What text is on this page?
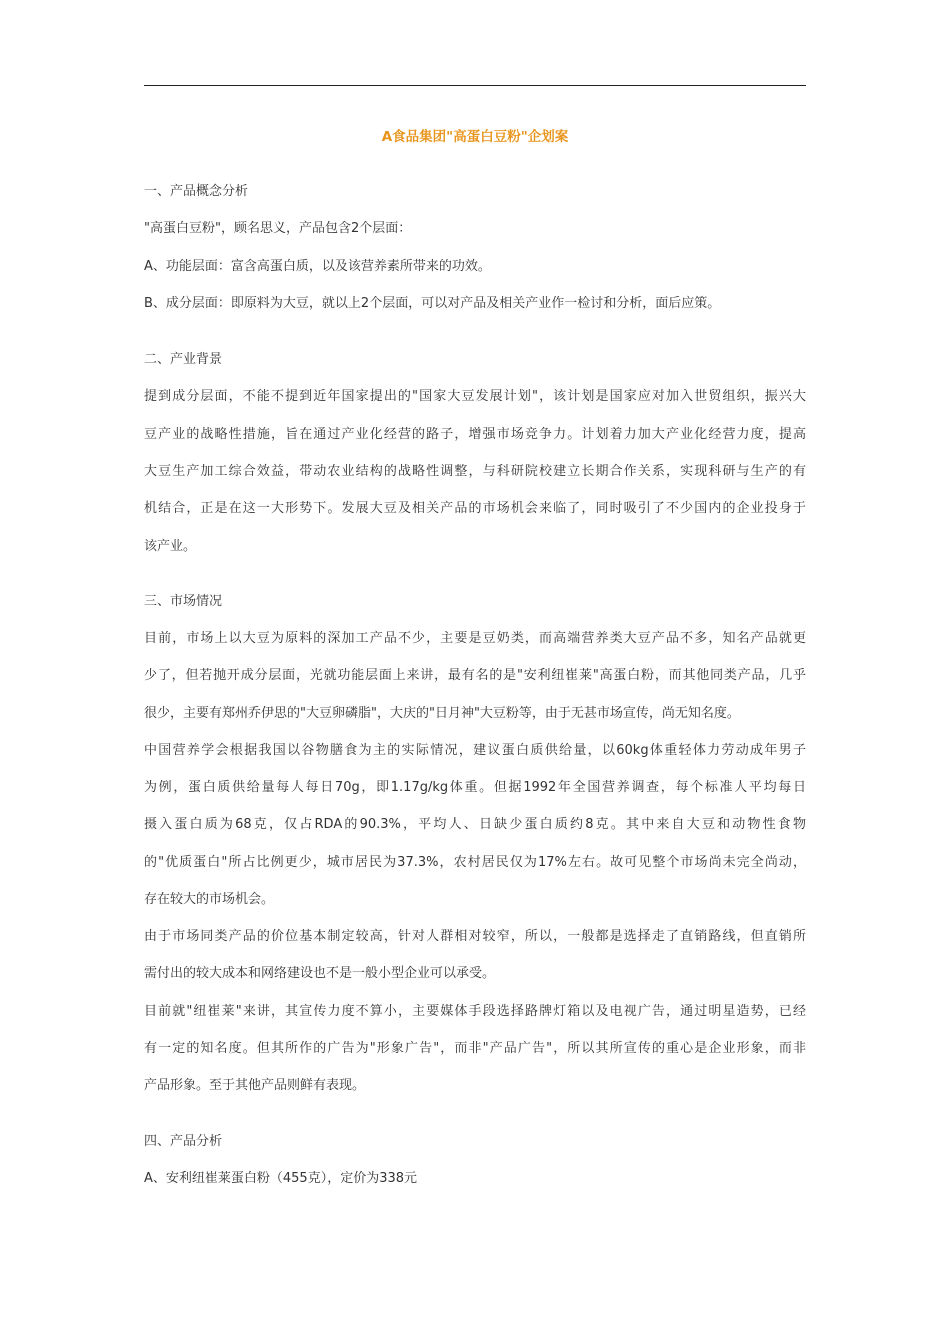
A食品集团"高蛋白豆粉"企划案
一、产品概念分析
"高蛋白豆粉"，顾名思义，产品包含2个层面：
A、功能层面：富含高蛋白质，以及该营养素所带来的功效。
B、成分层面：即原料为大豆，就以上2个层面，可以对产品及相关产业作一检讨和分析，面后应策。
二、产业背景
提到成分层面，不能不提到近年国家提出的"国家大豆发展计划"，该计划是国家应对加入世贸组织，振兴大
豆产业的战略性措施，旨在通过产业化经营的路子，增强市场竞争力。计划着力加大产业化经营力度，提高
大豆生产加工综合效益，带动农业结构的战略性调整，与科研院校建立长期合作关系，实现科研与生产的有
机结合，正是在这一大形势下。发展大豆及相关产品的市场机会来临了，同时吸引了不少国内的企业投身于
该产业。
三、市场情况
目前，市场上以大豆为原料的深加工产品不少，主要是豆奶类，而高端营养类大豆产品不多，知名产品就更
少了，但若抛开成分层面，光就功能层面上来讲，最有名的是"安利纽崔莱"高蛋白粉，而其他同类产品，几乎
很少，主要有郑州乔伊思的"大豆卵磷脂"，大庆的"日月神"大豆粉等，由于无甚市场宣传，尚无知名度。
中国营养学会根据我国以谷物膳食为主的实际情况，建议蛋白质供给量，以60kg体重轻体力劳动成年男子
为例，蛋白质供给量每人每日70g，即1.17g/kg体重。但据1992年全国营养调查，每个标准人平均每日
摄入蛋白质为68克，仅占RDA的90.3%，平均人、日缺少蛋白质约8克。其中来自大豆和动物性食物
的"优质蛋白"所占比例更少，城市居民为37.3%，农村居民仅为17%左右。故可见整个市场尚未完全尚动，
存在较大的市场机会。
由于市场同类产品的价位基本制定较高，针对人群相对较窄，所以，一般都是选择走了直销路线，但直销所
需付出的较大成本和网络建设也不是一般小型企业可以承受。
目前就"纽崔莱"来讲，其宣传力度不算小，主要媒体手段选择路牌灯箱以及电视广告，通过明星造势，已经
有一定的知名度。但其所作的广告为"形象广告"，而非"产品广告"，所以其所宣传的重心是企业形象，而非
产品形象。至于其他产品则鲜有表现。
四、产品分析
A、安利纽崔莱蛋白粉（455克），定价为338元
